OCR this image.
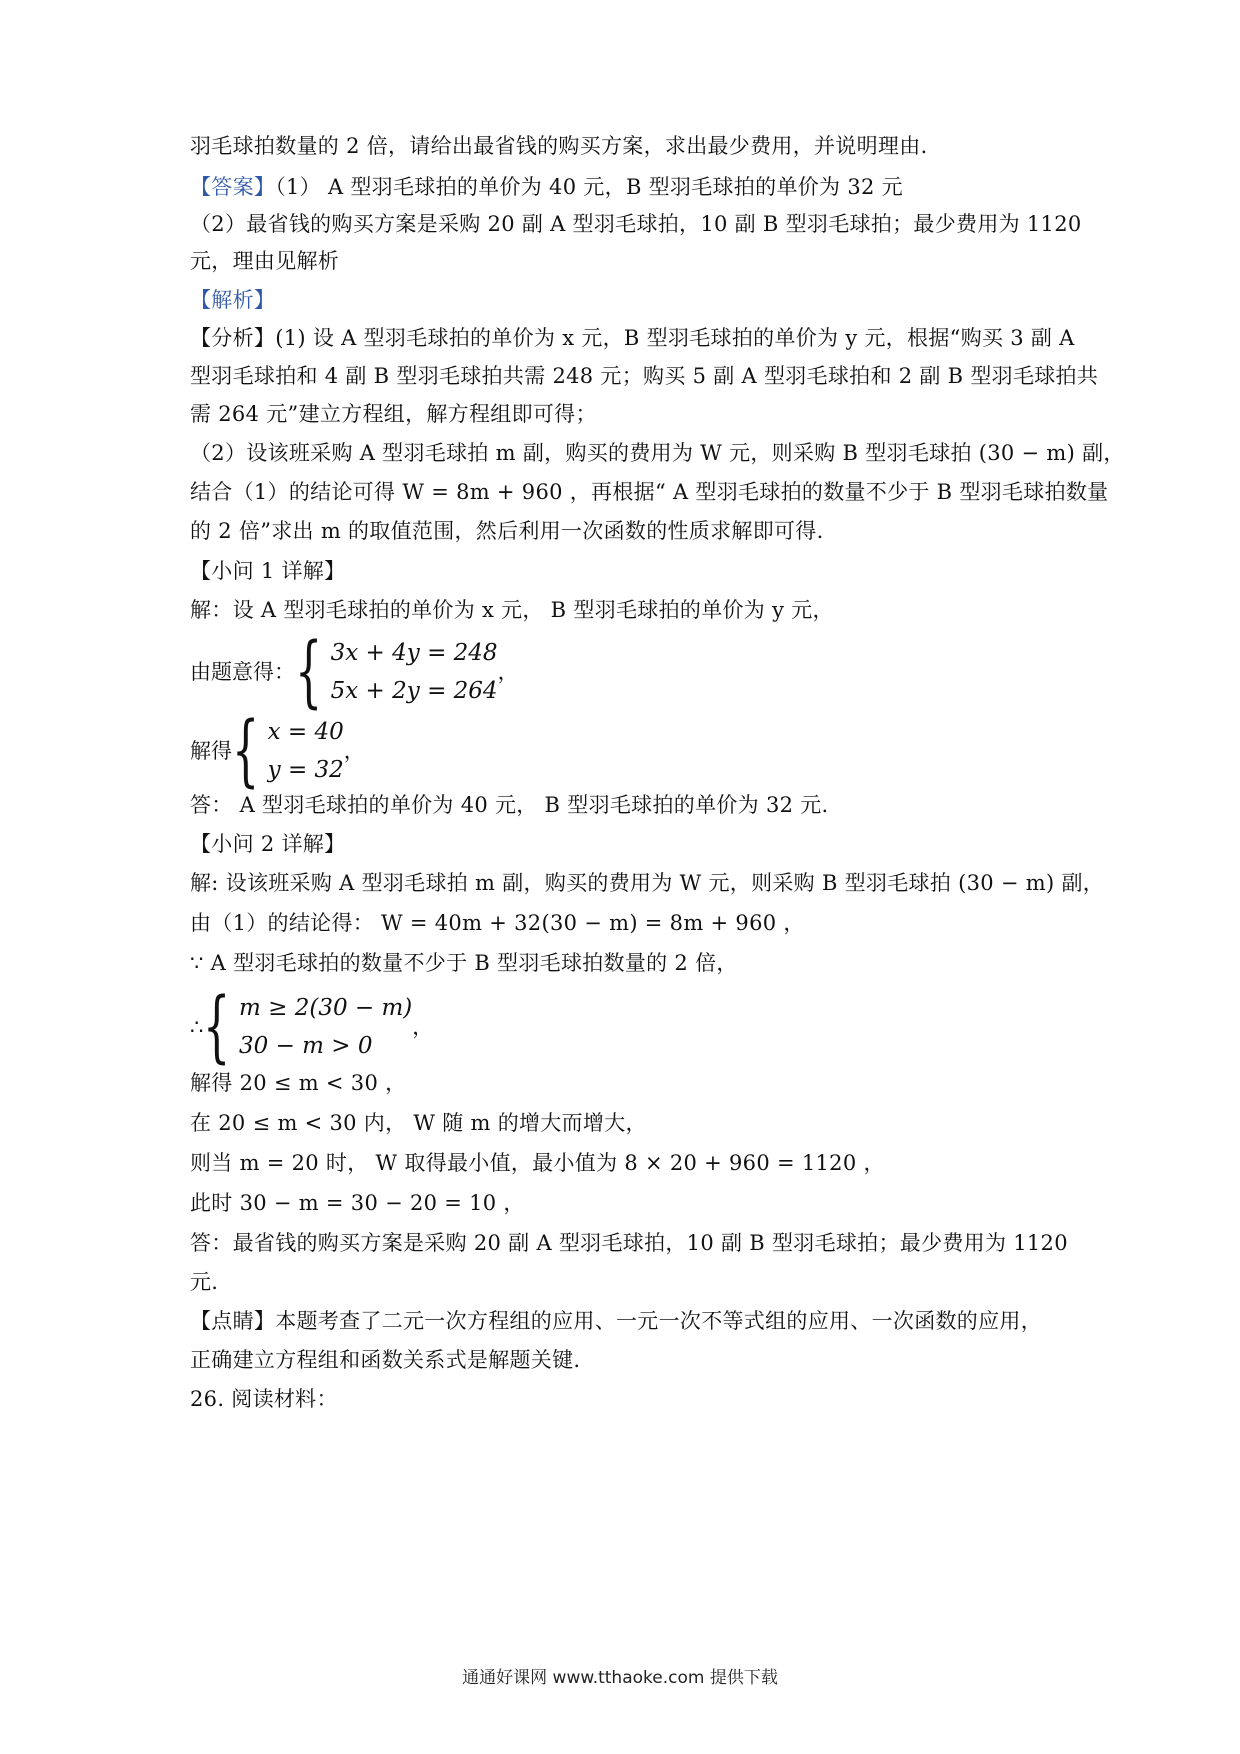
羽毛球拍数量的 2 倍，请给出最省钱的购买方案，求出最少费用，并说明理由.
【答案】（1） A 型羽毛球拍的单价为 40 元，B 型羽毛球拍的单价为 32 元
（2）最省钱的购买方案是采购 20 副 A 型羽毛球拍，10 副 B 型羽毛球拍；最少费用为 1120
元，理由见解析
【解析】
【分析】(1) 设 A 型羽毛球拍的单价为 x 元，B 型羽毛球拍的单价为 y 元，根据“购买 3 副 A
型羽毛球拍和 4 副 B 型羽毛球拍共需 248 元；购买 5 副 A 型羽毛球拍和 2 副 B 型羽毛球拍共
需 264 元”建立方程组，解方程组即可得；
（2）设该班采购 A 型羽毛球拍 m 副，购买的费用为 W 元，则采购 B 型羽毛球拍 (30 − m) 副，
结合（1）的结论可得 W = 8m + 960 ，再根据“ A 型羽毛球拍的数量不少于 B 型羽毛球拍数量
的 2 倍”求出 m 的取值范围，然后利用一次函数的性质求解即可得.
【小问 1 详解】
解：设 A 型羽毛球拍的单价为 x 元， B 型羽毛球拍的单价为 y 元，
由题意得： { 3x + 4y = 248
5x + 2y = 264
，
解得 { x = 40
y = 32
，
答： A 型羽毛球拍的单价为 40 元， B 型羽毛球拍的单价为 32 元.
【小问 2 详解】
解: 设该班采购 A 型羽毛球拍 m 副，购买的费用为 W 元，则采购 B 型羽毛球拍 (30 − m) 副，
由（1）的结论得： W = 40m + 32(30 − m) = 8m + 960 ，
∵ A 型羽毛球拍的数量不少于 B 型羽毛球拍数量的 2 倍，
∴ { m ≥ 2(30 − m)
30 − m > 0
，
解得 20 ≤ m < 30 ，
在 20 ≤ m < 30 内， W 随 m 的增大而增大，
则当 m = 20 时， W 取得最小值，最小值为 8 × 20 + 960 = 1120 ，
此时 30 − m = 30 − 20 = 10 ，
答：最省钱的购买方案是采购 20 副 A 型羽毛球拍，10 副 B 型羽毛球拍；最少费用为 1120
元.
【点睛】本题考查了二元一次方程组的应用、一元一次不等式组的应用、一次函数的应用，
正确建立方程组和函数关系式是解题关键.
26. 阅读材料：
通通好课网 www.tthaoke.com 提供下载
